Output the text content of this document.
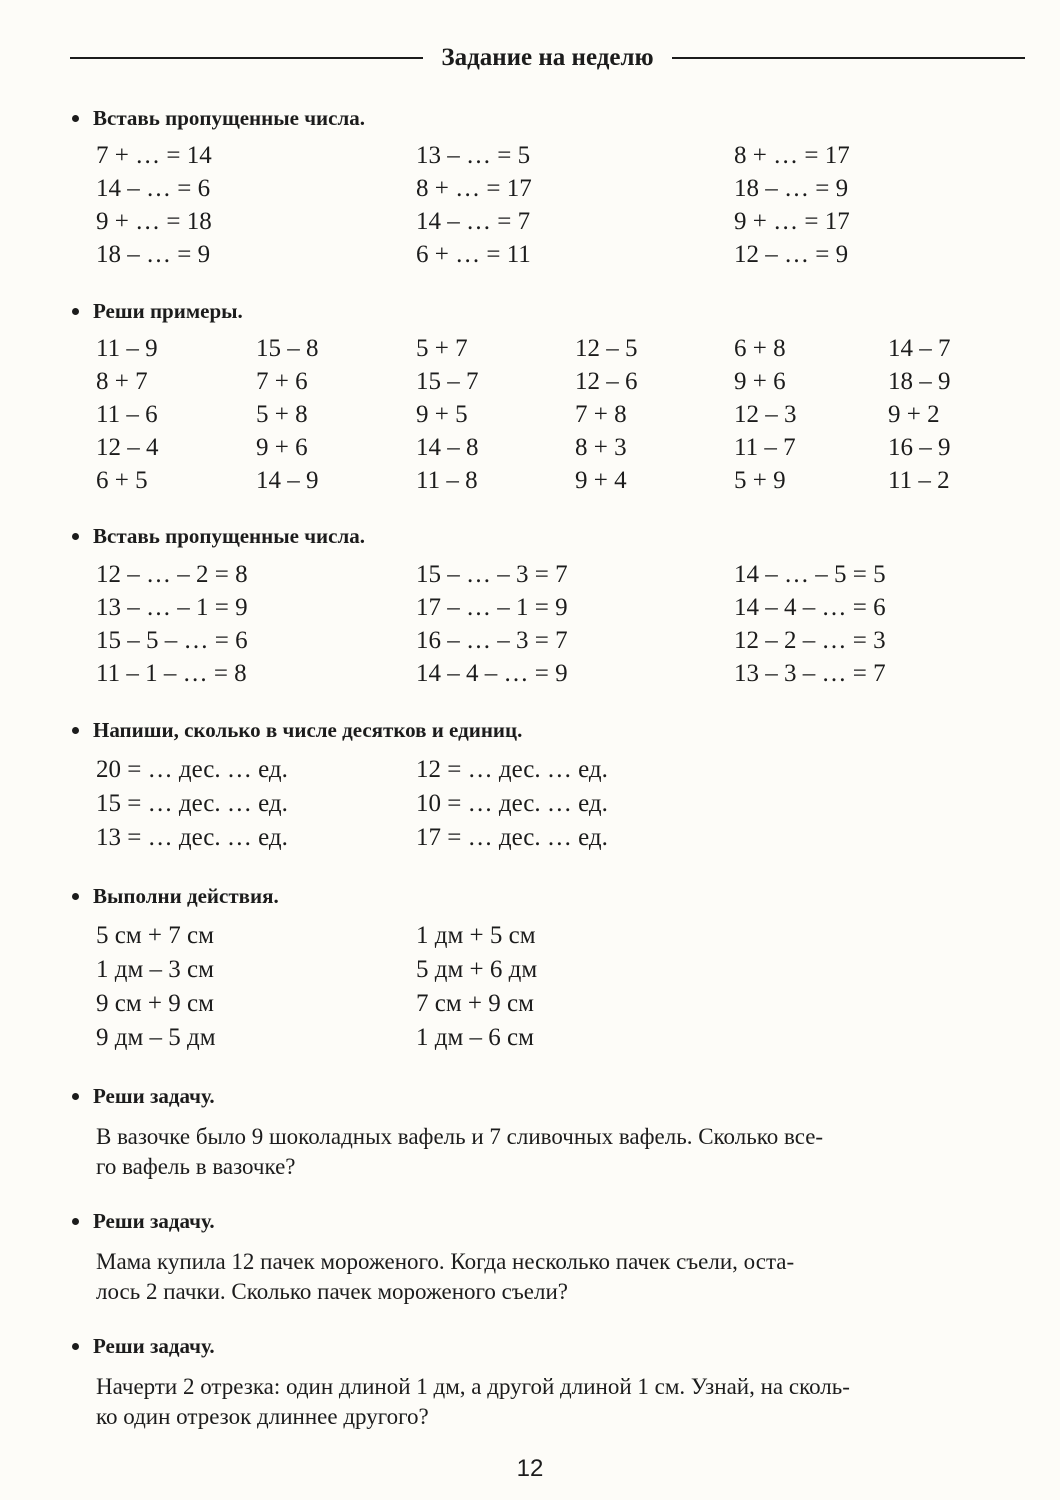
Задание на неделю
Вставь пропущенные числа.
7 + … = 14	13 – … = 5	8 + … = 17
14 – … = 6	8 + … = 17	18 – … = 9
9 + … = 18	14 – … = 7	9 + … = 17
18 – … = 9	6 + … = 11	12 – … = 9
Реши примеры.
11 – 9	15 – 8	5 + 7	12 – 5	6 + 8	14 – 7
8 + 7	7 + 6	15 – 7	12 – 6	9 + 6	18 – 9
11 – 6	5 + 8	9 + 5	7 + 8	12 – 3	9 + 2
12 – 4	9 + 6	14 – 8	8 + 3	11 – 7	16 – 9
6 + 5	14 – 9	11 – 8	9 + 4	5 + 9	11 – 2
Вставь пропущенные числа.
12 – … – 2 = 8	15 – … – 3 = 7	14 – … – 5 = 5
13 – … – 1 = 9	17 – … – 1 = 9	14 – 4 – … = 6
15 – 5 – … = 6	16 – … – 3 = 7	12 – 2 – … = 3
11 – 1 – … = 8	14 – 4 – … = 9	13 – 3 – … = 7
Напиши, сколько в числе десятков и единиц.
20 = … дес. … ед.	12 = … дес. … ед.
15 = … дес. … ед.	10 = … дес. … ед.
13 = … дес. … ед.	17 = … дес. … ед.
Выполни действия.
5 см + 7 см	1 дм + 5 см
1 дм – 3 см	5 дм + 6 дм
9 см + 9 см	7 см + 9 см
9 дм – 5 дм	1 дм – 6 см
Реши задачу.
В вазочке было 9 шоколадных вафель и 7 сливочных вафель. Сколько все-
го вафель в вазочке?
Реши задачу.
Мама купила 12 пачек мороженого. Когда несколько пачек съели, оста-
лось 2 пачки. Сколько пачек мороженого съели?
Реши задачу.
Начерти 2 отрезка: один длиной 1 дм, а другой длиной 1 см. Узнай, на сколь-
ко один отрезок длиннее другого?
12
